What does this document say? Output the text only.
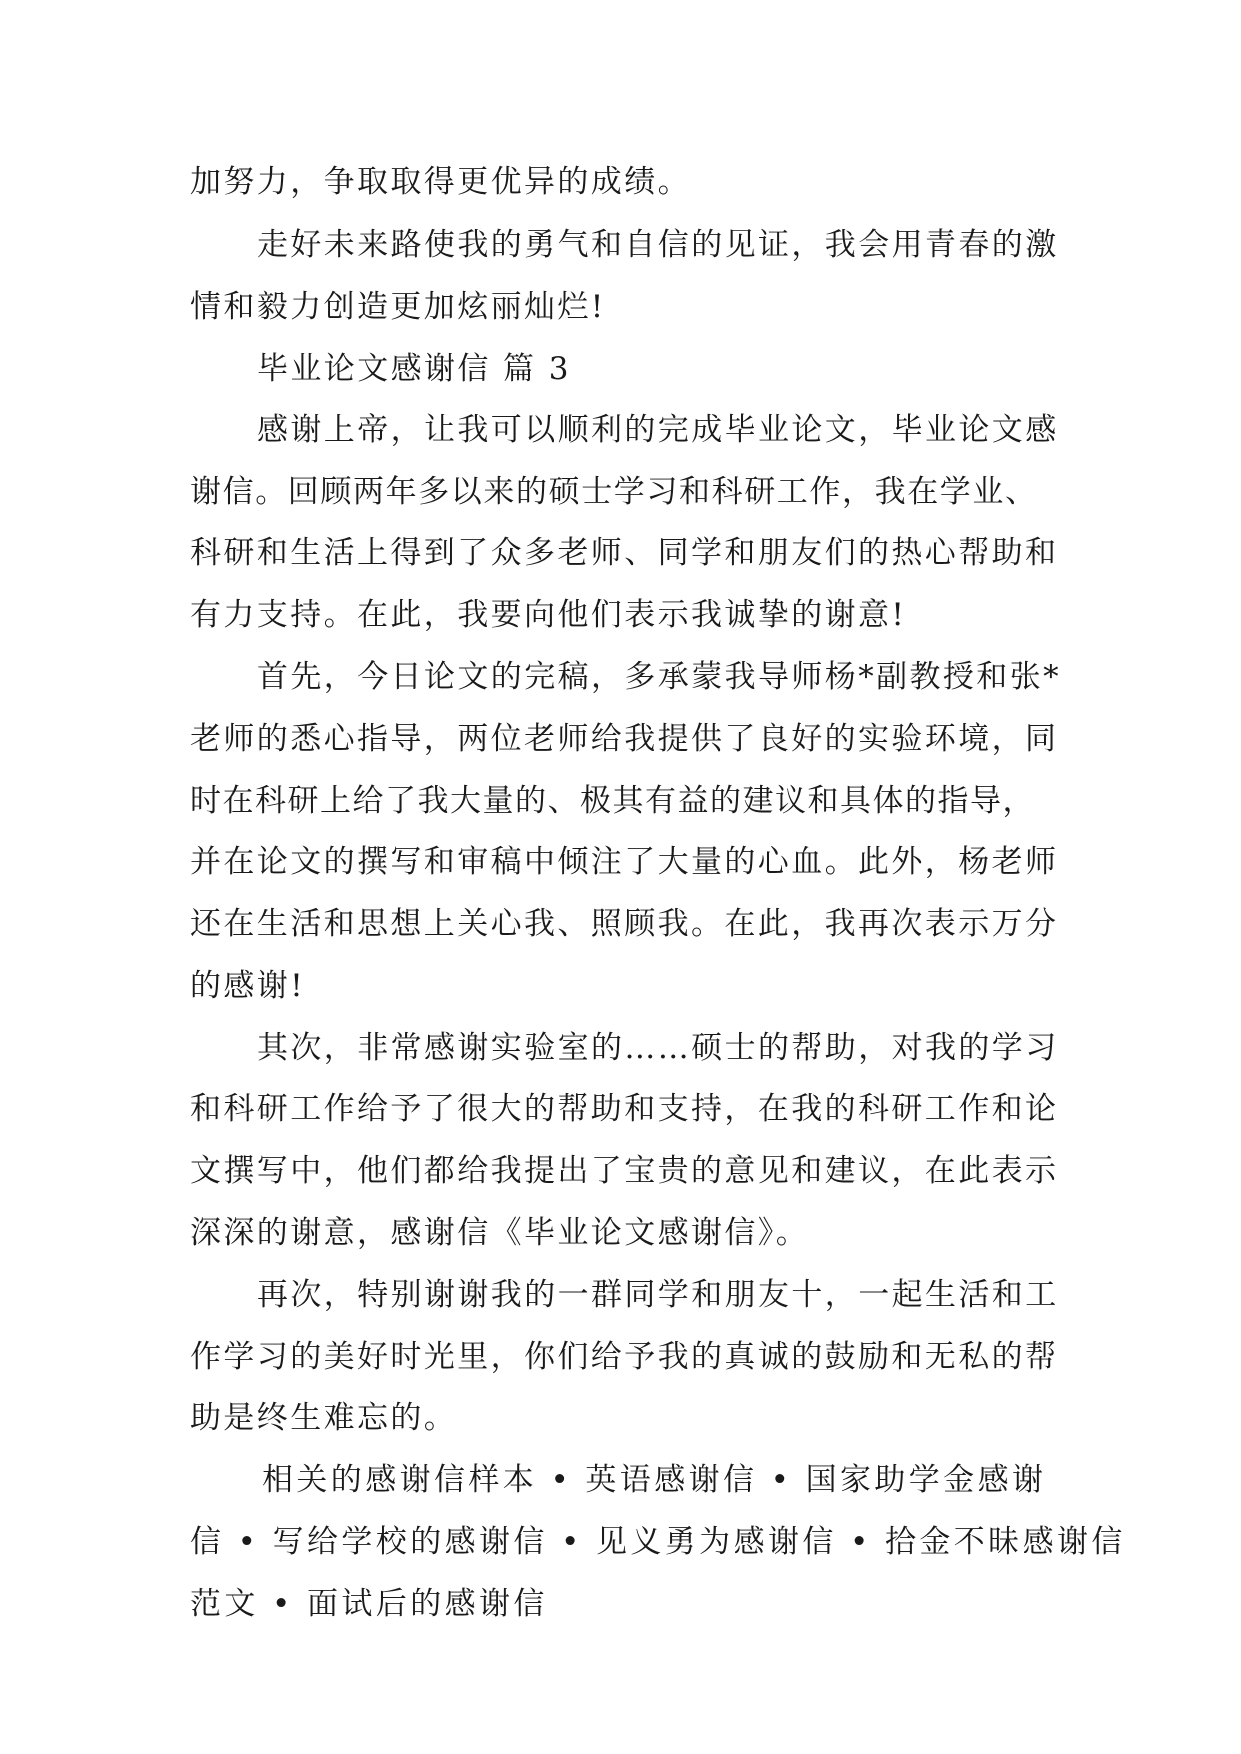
加努力，争取取得更优异的成绩。
走好未来路使我的勇气和自信的见证，我会用青春的激
情和毅力创造更加炫丽灿烂!
毕业论文感谢信 篇 3
感谢上帝，让我可以顺利的完成毕业论文，毕业论文感
谢信。回顾两年多以来的硕士学习和科研工作，我在学业、
科研和生活上得到了众多老师、同学和朋友们的热心帮助和
有力支持。在此，我要向他们表示我诚挚的谢意!
首先，今日论文的完稿，多承蒙我导师杨*副教授和张*
老师的悉心指导，两位老师给我提供了良好的实验环境，同
时在科研上给了我大量的、极其有益的建议和具体的指导，
并在论文的撰写和审稿中倾注了大量的心血。此外，杨老师
还在生活和思想上关心我、照顾我。在此，我再次表示万分
的感谢!
其次，非常感谢实验室的……硕士的帮助，对我的学习
和科研工作给予了很大的帮助和支持，在我的科研工作和论
文撰写中，他们都给我提出了宝贵的意见和建议，在此表示
深深的谢意，感谢信《毕业论文感谢信》。
再次，特别谢谢我的一群同学和朋友十，一起生活和工
作学习的美好时光里，你们给予我的真诚的鼓励和无私的帮
助是终生难忘的。
相关的感谢信样本 • 英语感谢信 • 国家助学金感谢
信 • 写给学校的感谢信 • 见义勇为感谢信 • 拾金不昧感谢信
范文 • 面试后的感谢信
